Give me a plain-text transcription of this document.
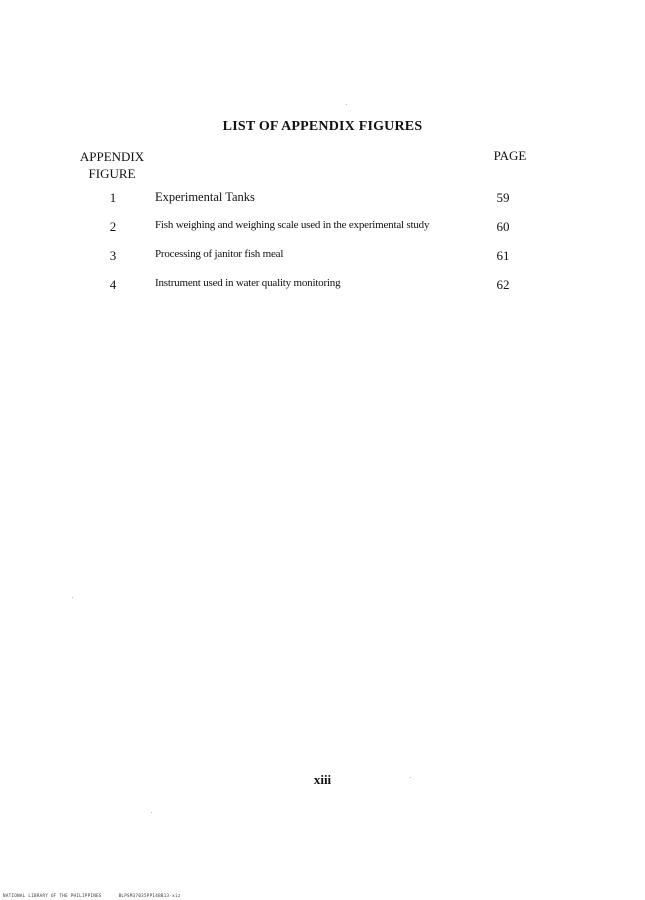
LIST OF APPENDIX FIGURES
APPENDIX
FIGURE
PAGE
1	Experimental Tanks	59
2	Fish weighing and weighing scale used in the experimental study	60
3	Processing of janitor fish meal	61
4	Instrument used in water quality monitoring	62
xiii
NATIONAL LIBRARY OF THE PHILIPPINES	BLPSM37035PP14BB13-xiz
